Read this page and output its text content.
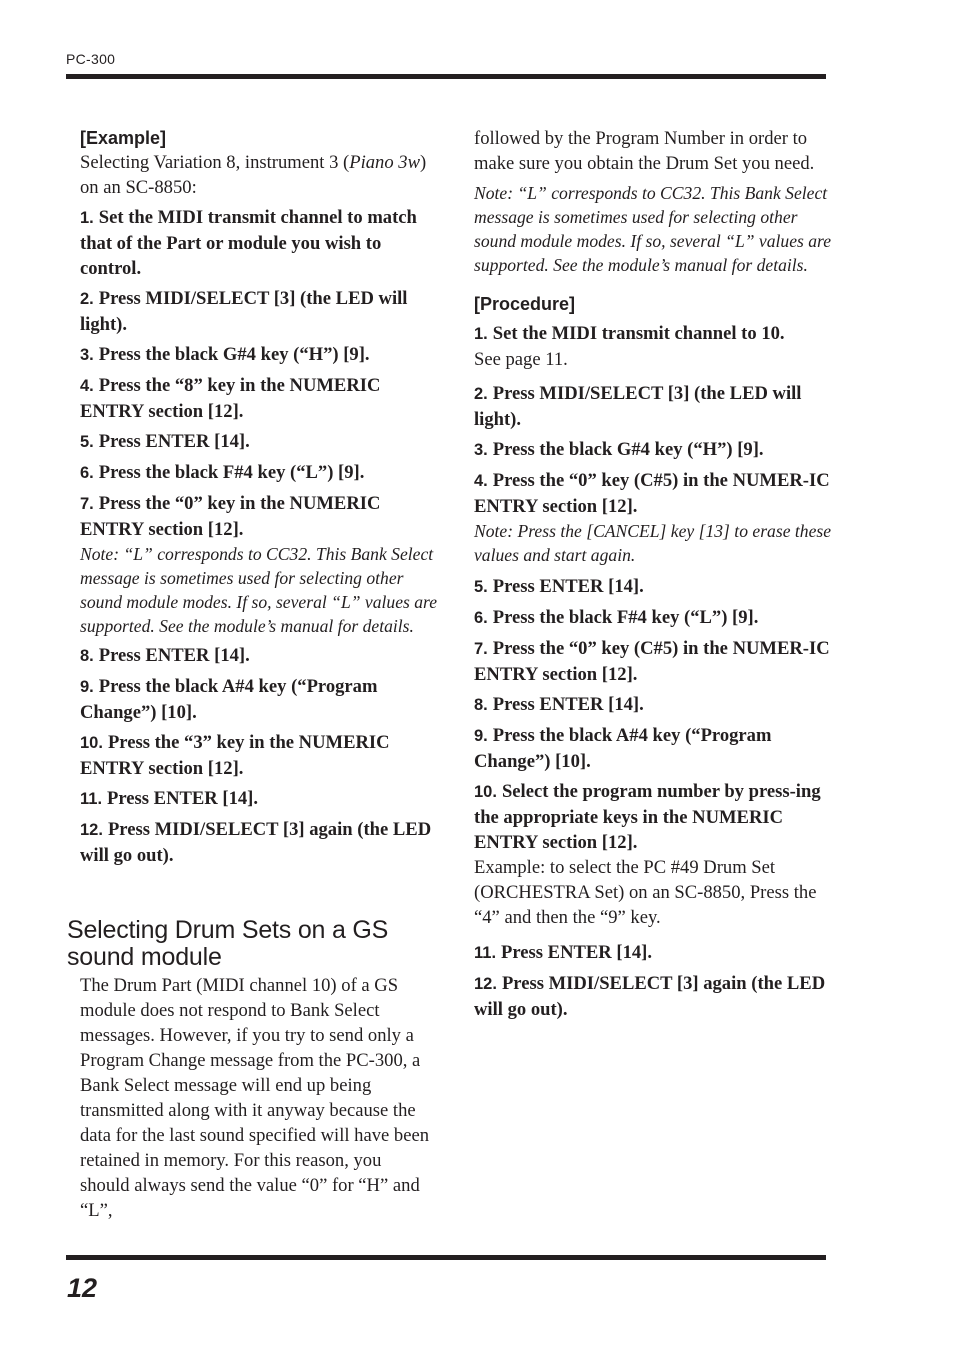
PC-300

[Example]

Selecting Variation 8, instrument 3 (Piano 3w) on an SC-8850:

1. Set the MIDI transmit channel to match that of the Part or module you wish to control.

2. Press MIDI/SELECT [3] (the LED will light).

3. Press the black G#4 key (“H”) [9].

4. Press the “8” key in the NUMERIC ENTRY section [12].

5. Press ENTER [14].

6. Press the black F#4 key (“L”) [9].

7. Press the “0” key in the NUMERIC ENTRY section [12].

Note: “L” corresponds to CC32. This Bank Select message is sometimes used for selecting other sound module modes. If so, several “L” values are supported. See the module’s manual for details.

8. Press ENTER [14].

9. Press the black A#4 key (“Program Change”) [10].

10. Press the “3” key in the NUMERIC ENTRY section [12].

11. Press ENTER [14].

12. Press MIDI/SELECT [3] again (the LED will go out).

Selecting Drum Sets on a GS sound module

The Drum Part (MIDI channel 10) of a GS module does not respond to Bank Select messages. However, if you try to send only a Program Change message from the PC-300, a Bank Select message will end up being transmitted along with it anyway because the data for the last sound specified will have been retained in memory. For this reason, you should always send the value “0” for “H” and “L”,

followed by the Program Number in order to make sure you obtain the Drum Set you need.

Note: “L” corresponds to CC32. This Bank Select message is sometimes used for selecting other sound module modes. If so, several “L” values are supported. See the module’s manual for details.

[Procedure]

1. Set the MIDI transmit channel to 10.

See page 11.

2. Press MIDI/SELECT [3] (the LED will light).

3. Press the black G#4 key (“H”) [9].

4. Press the “0” key (C#5) in the NUMER-IC ENTRY section [12].

Note: Press the [CANCEL] key [13] to erase these values and start again.

5. Press ENTER [14].

6. Press the black F#4 key (“L”) [9].

7. Press the “0” key (C#5) in the NUMER-IC ENTRY section [12].

8. Press ENTER [14].

9. Press the black A#4 key (“Program Change”) [10].

10. Select the program number by press-ing the appropriate keys in the NUMERIC ENTRY section [12].

Example: to select the PC #49 Drum Set (ORCHESTRA Set) on an SC-8850, Press the “4” and then the “9” key.

11. Press ENTER [14].

12. Press MIDI/SELECT [3] again (the LED will go out).

12
